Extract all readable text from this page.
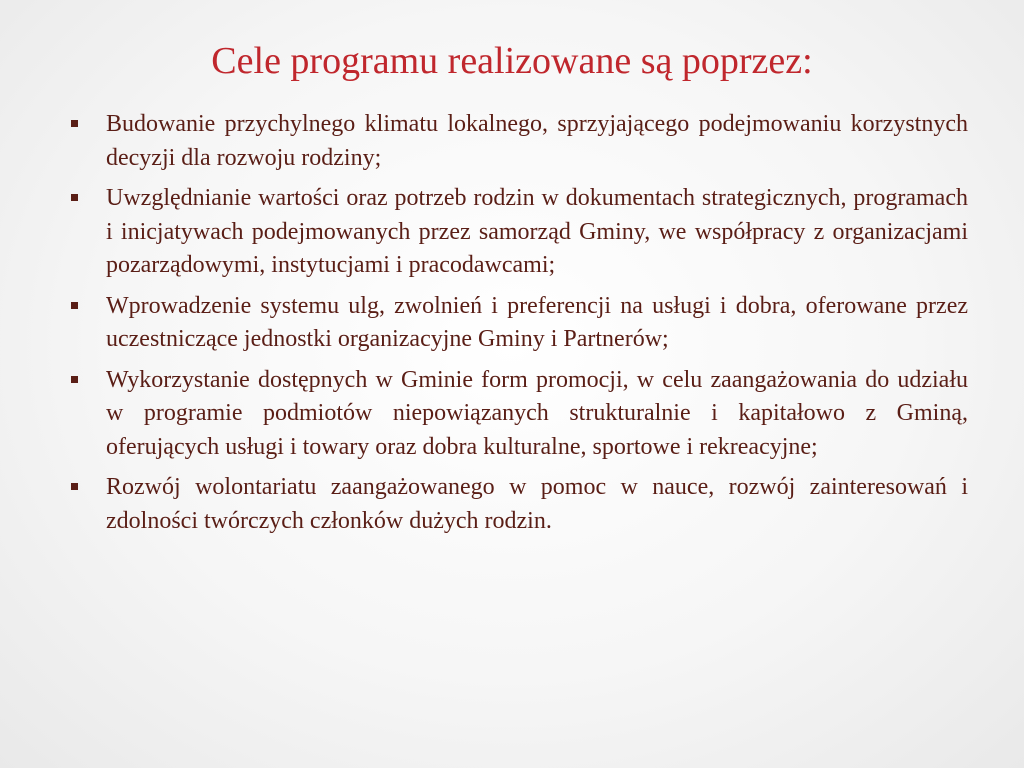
Cele programu realizowane są poprzez:
Budowanie przychylnego klimatu lokalnego, sprzyjającego podejmowaniu korzystnych decyzji dla rozwoju rodziny;
Uwzględnianie wartości oraz potrzeb rodzin w dokumentach strategicznych, programach i inicjatywach podejmowanych przez samorząd Gminy, we współpracy z organizacjami pozarządowymi, instytucjami i pracodawcami;
Wprowadzenie systemu ulg, zwolnień i preferencji na usługi i dobra, oferowane przez uczestniczące jednostki organizacyjne Gminy i Partnerów;
Wykorzystanie dostępnych w Gminie form promocji, w celu zaangażowania do udziału w programie podmiotów niepowiązanych strukturalnie i kapitałowo z Gminą, oferujących usługi i towary oraz dobra kulturalne, sportowe i rekreacyjne;
Rozwój wolontariatu zaangażowanego w pomoc w nauce, rozwój zainteresowań i zdolności twórczych członków dużych rodzin.
